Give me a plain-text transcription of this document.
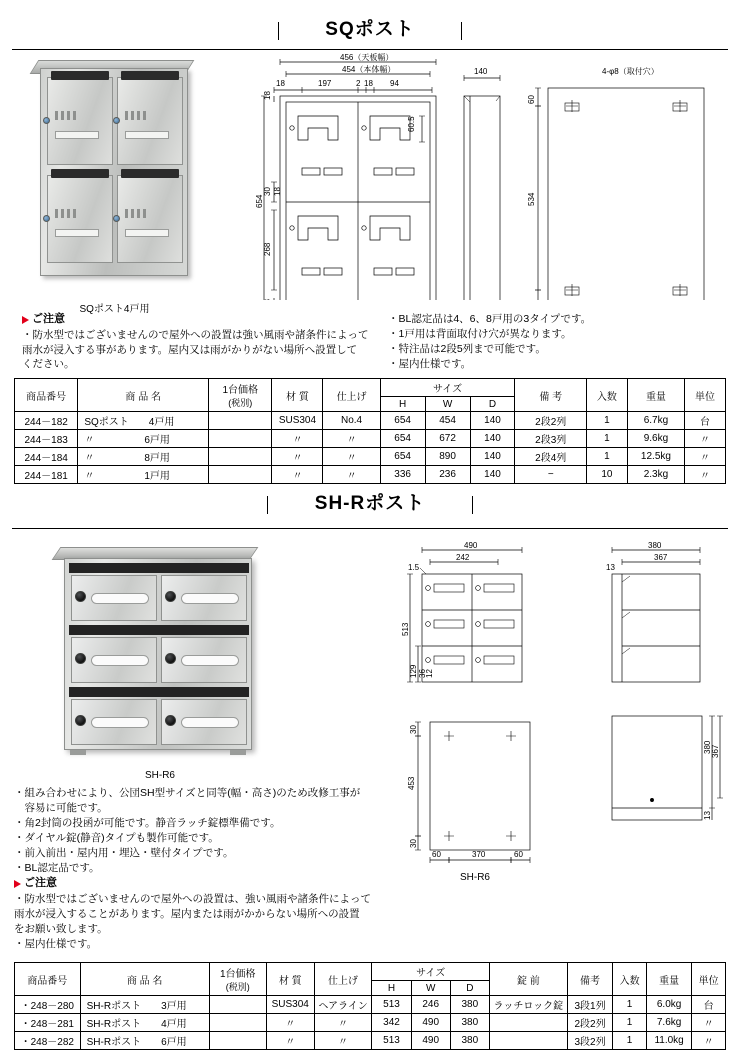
SQポスト
SQポスト4戸用
456（天板幅）
454（本体幅）
18	197	2 18 94
60.5
654
18
30 18
268
140	4-φ8（取付穴）
60
534
ご注意
・防水型ではございませんので屋外への設置は強い風雨や諸条件によって
雨水が浸入する事があります。屋内又は雨がかりがない場所へ設置して
ください。
・BL認定品は4、6、8戸用の3タイプです。
・1戸用は背面取付け穴が異なります。
・特注品は2段5列まで可能です。
・屋内仕様です。
商品番号	商 品 名	1台価格
(税別)	材 質	仕上げ	サイズ			備 考	入数	重量	単位
					H	W	D				
244－182	SQポスト　　4戸用		SUS304	No.4	654	454	140	2段2列	1	6.7kg	台
244－183	〃　　　　　6戸用		〃	〃	654	672	140	2段3列	1	9.6kg	〃
244－184	〃　　　　　8戸用		〃	〃	654	890	140	2段4列	1	12.5kg	〃
244－181	〃　　　　　1戸用		〃	〃	336	236	140	−	10	2.3kg	〃
SH-Rポスト
SH-R6
490
242
1.5
513
129 36
12
380
367
13
30
453
30
60	370	60
380 367
13
SH-R6
・組み合わせにより、公団SH型サイズと同等(幅・高さ)のため改修工事が
　容易に可能です。
・角2封筒の投函が可能です。静音ラッチ錠標準備です。
・ダイヤル錠(静音)タイプも製作可能です。
・前入前出・屋内用・埋込・壁付タイプです。
・BL認定品です。
ご注意
・防水型ではございませんので屋外への設置は、強い風雨や諸条件によって
雨水が浸入することがあります。屋内または雨がかからない場所への設置
をお願い致します。
・屋内仕様です。
商品番号	商 品 名	1台価格
(税別)	材 質	仕上げ	サイズ			錠 前	備考	入数	重量	単位
					H	W	D					
・248－280	SH-Rポスト　　3戸用		SUS304	ヘアライン	513	246	380	ラッチロック錠	3段1列	1	6.0kg	台
・248－281	SH-Rポスト　　4戸用		〃	〃	342	490	380		2段2列	1	7.6kg	〃
・248－282	SH-Rポスト　　6戸用		〃	〃	513	490	380		3段2列	1	11.0kg	〃
